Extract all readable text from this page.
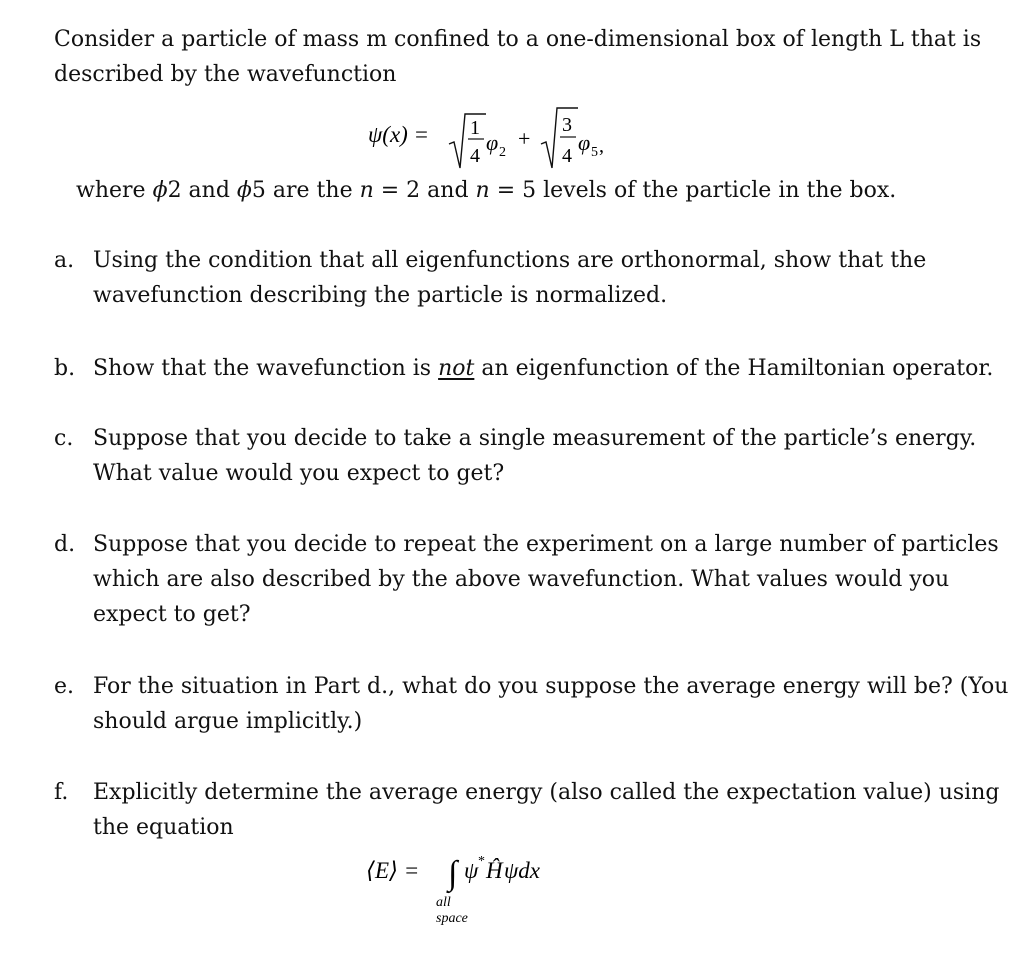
Consider a particle of mass m confined to a one-dimensional box of length L that is described by the wavefunction
ψ(x) = 1
4
φ 2
+
3
4
φ 5 ,
where ϕ2 and ϕ5 are the n = 2 and n = 5 levels of the particle in the box.
a. Using the condition that all eigenfunctions are orthonormal, show that the wavefunction describing the particle is normalized.
b. Show that the wavefunction is not an eigenfunction of the Hamiltonian operator.
c. Suppose that you decide to take a single measurement of the particle’s energy. What value would you expect to get?
d. Suppose that you decide to repeat the experiment on a large number of particles which are also described by the above wavefunction. What values would you expect to get?
e. For the situation in Part d., what do you suppose the average energy will be? (You should argue implicitly.)
f.	Explicitly determine the average energy (also called the expectation value) using the equation
⟨E⟩ = ∫ ψ * Ĥ ψdx
all
space
